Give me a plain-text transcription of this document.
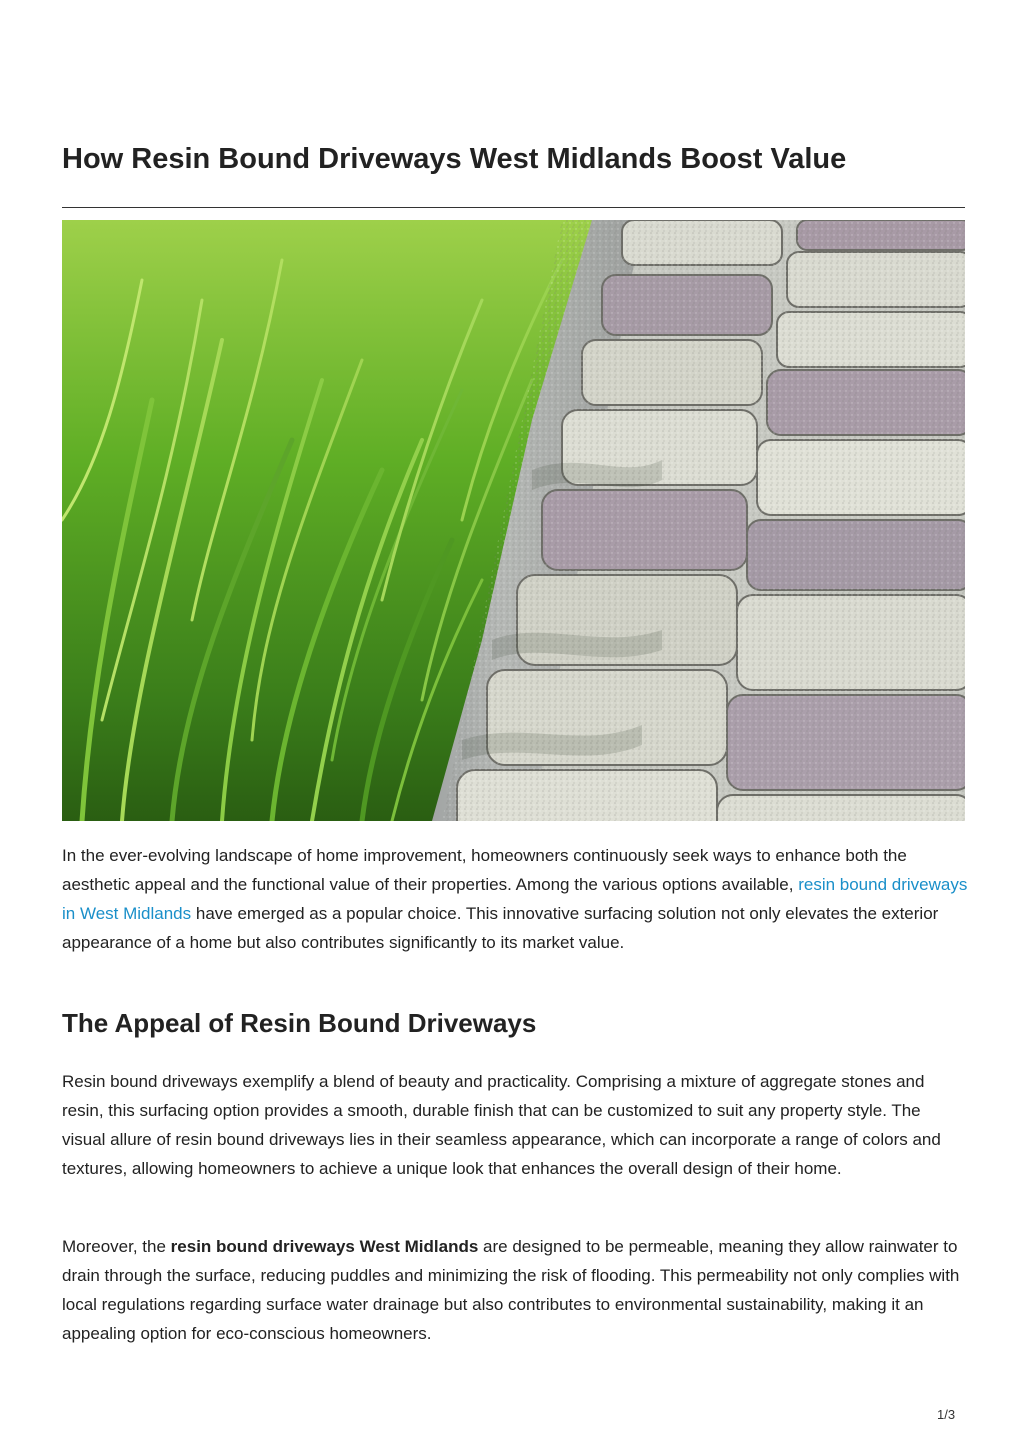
How Resin Bound Driveways West Midlands Boost Value

In the ever-evolving landscape of home improvement, homeowners continuously seek ways to enhance both the aesthetic appeal and the functional value of their properties. Among the various options available, resin bound driveways in West Midlands have emerged as a popular choice. This innovative surfacing solution not only elevates the exterior appearance of a home but also contributes significantly to its market value.

The Appeal of Resin Bound Driveways

Resin bound driveways exemplify a blend of beauty and practicality. Comprising a mixture of aggregate stones and resin, this surfacing option provides a smooth, durable finish that can be customized to suit any property style. The visual allure of resin bound driveways lies in their seamless appearance, which can incorporate a range of colors and textures, allowing homeowners to achieve a unique look that enhances the overall design of their home.

Moreover, the resin bound driveways West Midlands are designed to be permeable, meaning they allow rainwater to drain through the surface, reducing puddles and minimizing the risk of flooding. This permeability not only complies with local regulations regarding surface water drainage but also contributes to environmental sustainability, making it an appealing option for eco-conscious homeowners.

1/3
